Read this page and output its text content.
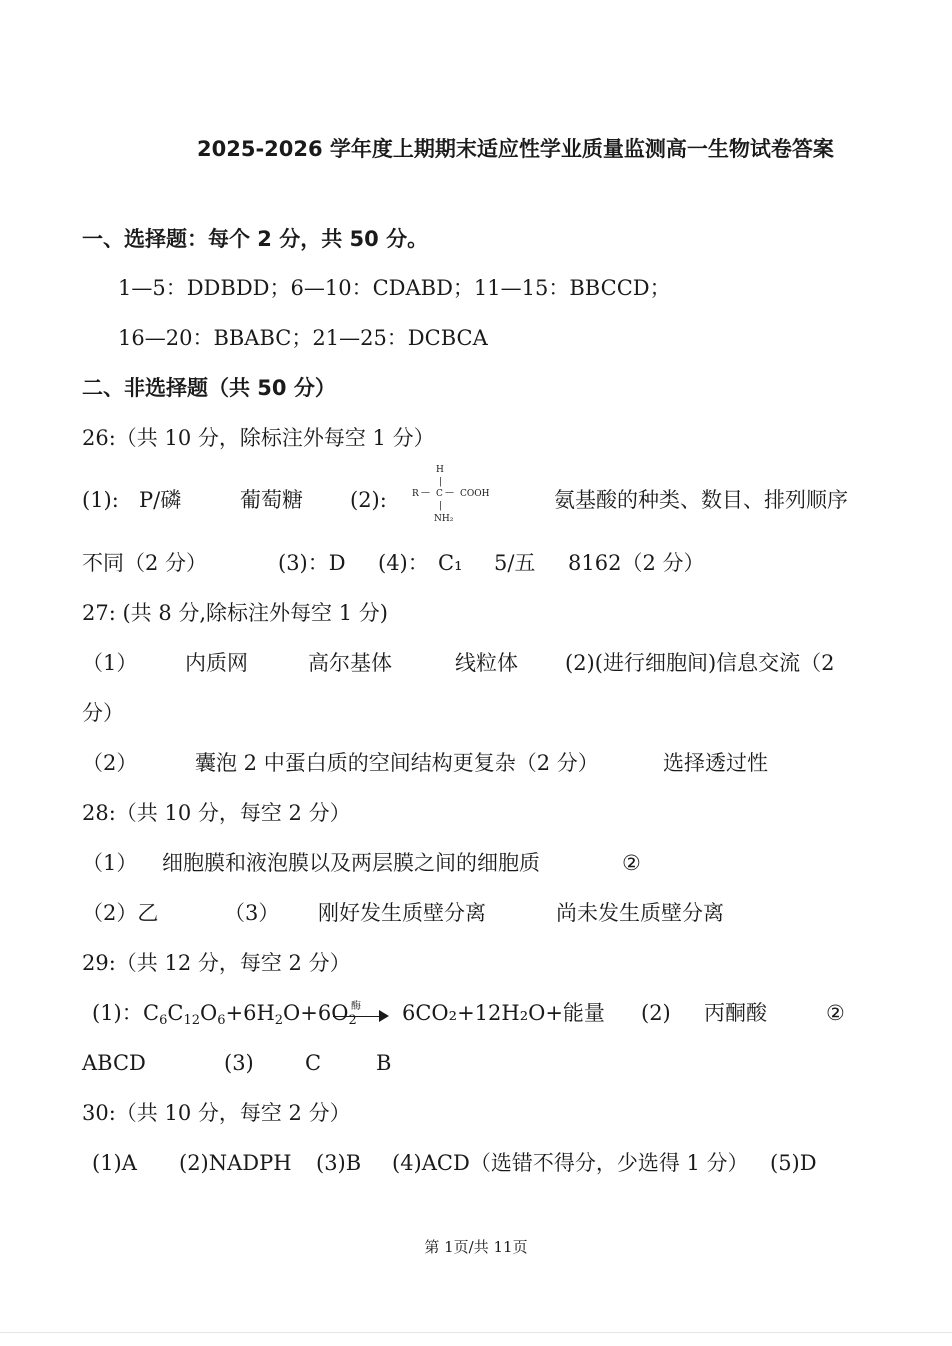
2025-2026 学年度上期期末适应性学业质量监测高一生物试卷答案
一、选择题：每个 2 分，共 50 分。
1—5：DDBDD；6—10：CDABD；11—15：BBCCD；
16—20：BBABC；21—25：DCBCA
二、非选择题（共 50 分）
26:（共 10 分，除标注外每空 1 分）
(1): P/磷	葡萄糖 (2):
H
|
R — C — COOH
|
NH₂
氨基酸的种类、数目、排列顺序
不同（2 分）	(3)：D (4)： C₁ 5/五 8162（2 分）
27: (共 8 分,除标注外每空 1 分)
（1） 内质网	高尔基体	线粒体 (2)(进行细胞间)信息交流（2
分）
（2）	囊泡 2 中蛋白质的空间结构更复杂（2 分）	选择透过性
28:（共 10 分，每空 2 分）
（1） 细胞膜和液泡膜以及两层膜之间的细胞质	②
（2）乙	（3） 刚好发生质壁分离	尚未发生质壁分离
29:（共 12 分，每空 2 分）
(1)： $C_6C_{12}O_6+6H_2O+6O_2$
酶 6CO₂+12H₂O+能量 (2) 丙酮酸	②
ABCD	(3) C	B
30:（共 10 分，每空 2 分）
(1)A (2)NADPH (3)B (4)ACD（选错不得分，少选得 1 分） (5)D
第 1页/共 11页
